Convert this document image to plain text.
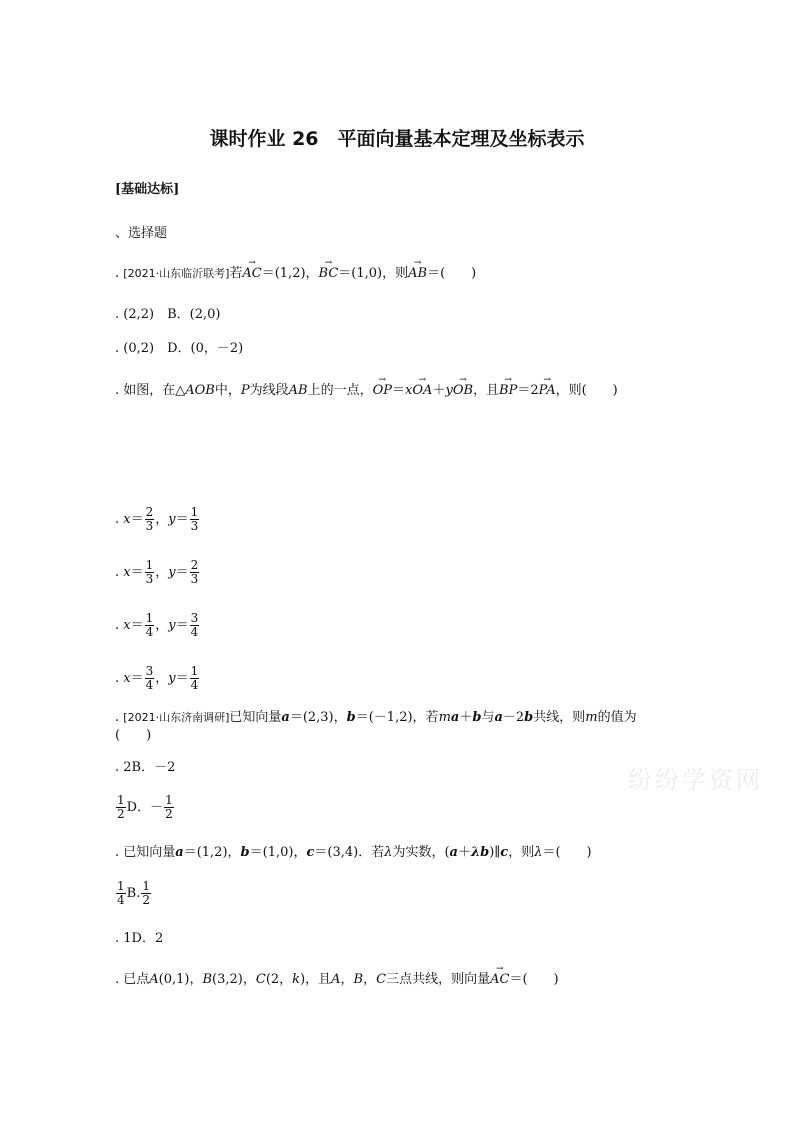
课时作业 26　平面向量基本定理及坐标表示
[基础达标]
、选择题
. [2021·山东临沂联考]若→ AC＝(1,2)，→ BC＝(1,0)，则→ AB＝(　　)
. (2,2)　B．(2,0)
. (0,2)　D．(0，－2)
. 如图，在△AOB中，P为线段AB上的一点，→ OP＝x→ OA＋y→ OB，且→ BP＝2→ PA，则(　　)
. $x= \frac{2}{3}$ ，$y= \frac{1}{3}$
. $x= \frac{1}{3}$ ，$y= \frac{2}{3}$
. $x= \frac{1}{4}$ ，$y= \frac{3}{4}$
. $x= \frac{3}{4}$ ，$y= \frac{1}{4}$
. [2021·山东济南调研]已知向量a＝(2,3)，b＝(－1,2)，若ma＋b与a－2b共线，则m的值为
(　　)
. 2B．－2
$\frac{1}{2}$ D．－ $\frac{1}{2}$
. 已知向量a＝(1,2)，b＝(1,0)，c＝(3,4)．若λ为实数，(a＋λb)∥c，则λ＝(　　)
$\frac{1}{4} B$. $\frac{1}{2}$
. 1D．2
. 已点A(0,1)，B(3,2)，C(2，k)，且A，B，C三点共线，则向量→ AC＝(　　)
纷纷学资网
